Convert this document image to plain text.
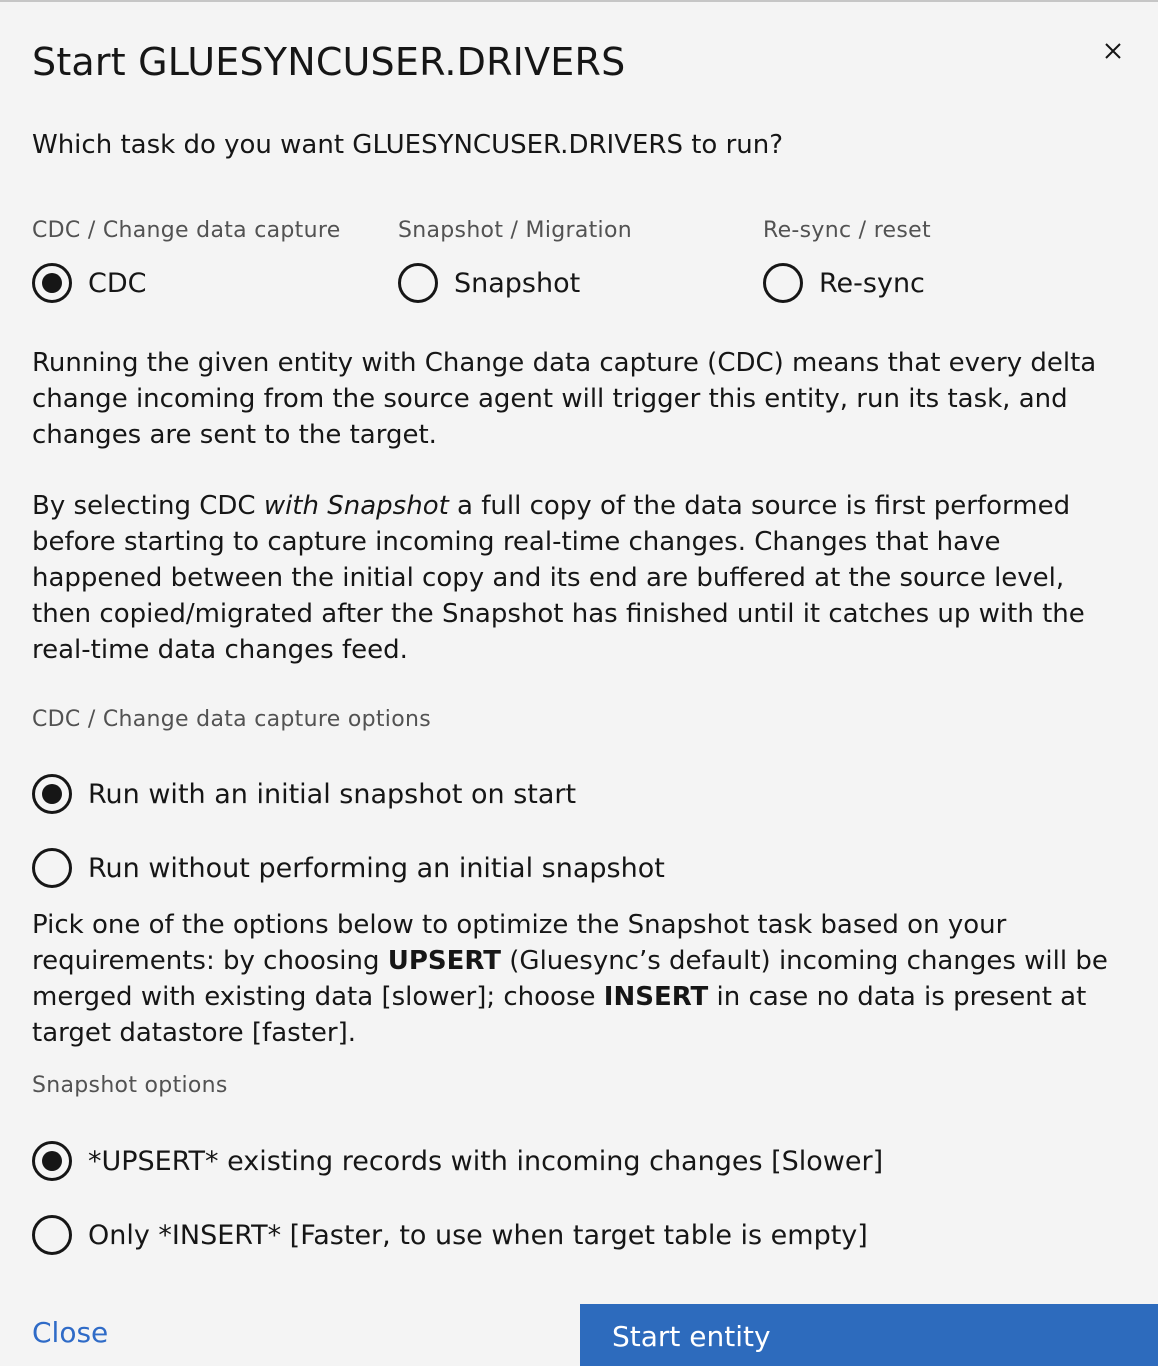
Start GLUESYNCUSER.DRIVERS

Which task do you want GLUESYNCUSER.DRIVERS to run?

CDC / Change data capture
CDC
Snapshot / Migration
Snapshot
Re-sync / reset
Re-sync

Running the given entity with Change data capture (CDC) means that every delta change incoming from the source agent will trigger this entity, run its task, and changes are sent to the target.

By selecting CDC with Snapshot a full copy of the data source is first performed before starting to capture incoming real-time changes. Changes that have happened between the initial copy and its end are buffered at the source level, then copied/migrated after the Snapshot has finished until it catches up with the real-time data changes feed.

CDC / Change data capture options
Run with an initial snapshot on start
Run without performing an initial snapshot

Pick one of the options below to optimize the Snapshot task based on your requirements: by choosing UPSERT (Gluesync’s default) incoming changes will be merged with existing data [slower]; choose INSERT in case no data is present at target datastore [faster].

Snapshot options
*UPSERT* existing records with incoming changes [Slower]
Only *INSERT* [Faster, to use when target table is empty]
Close	Start entity
